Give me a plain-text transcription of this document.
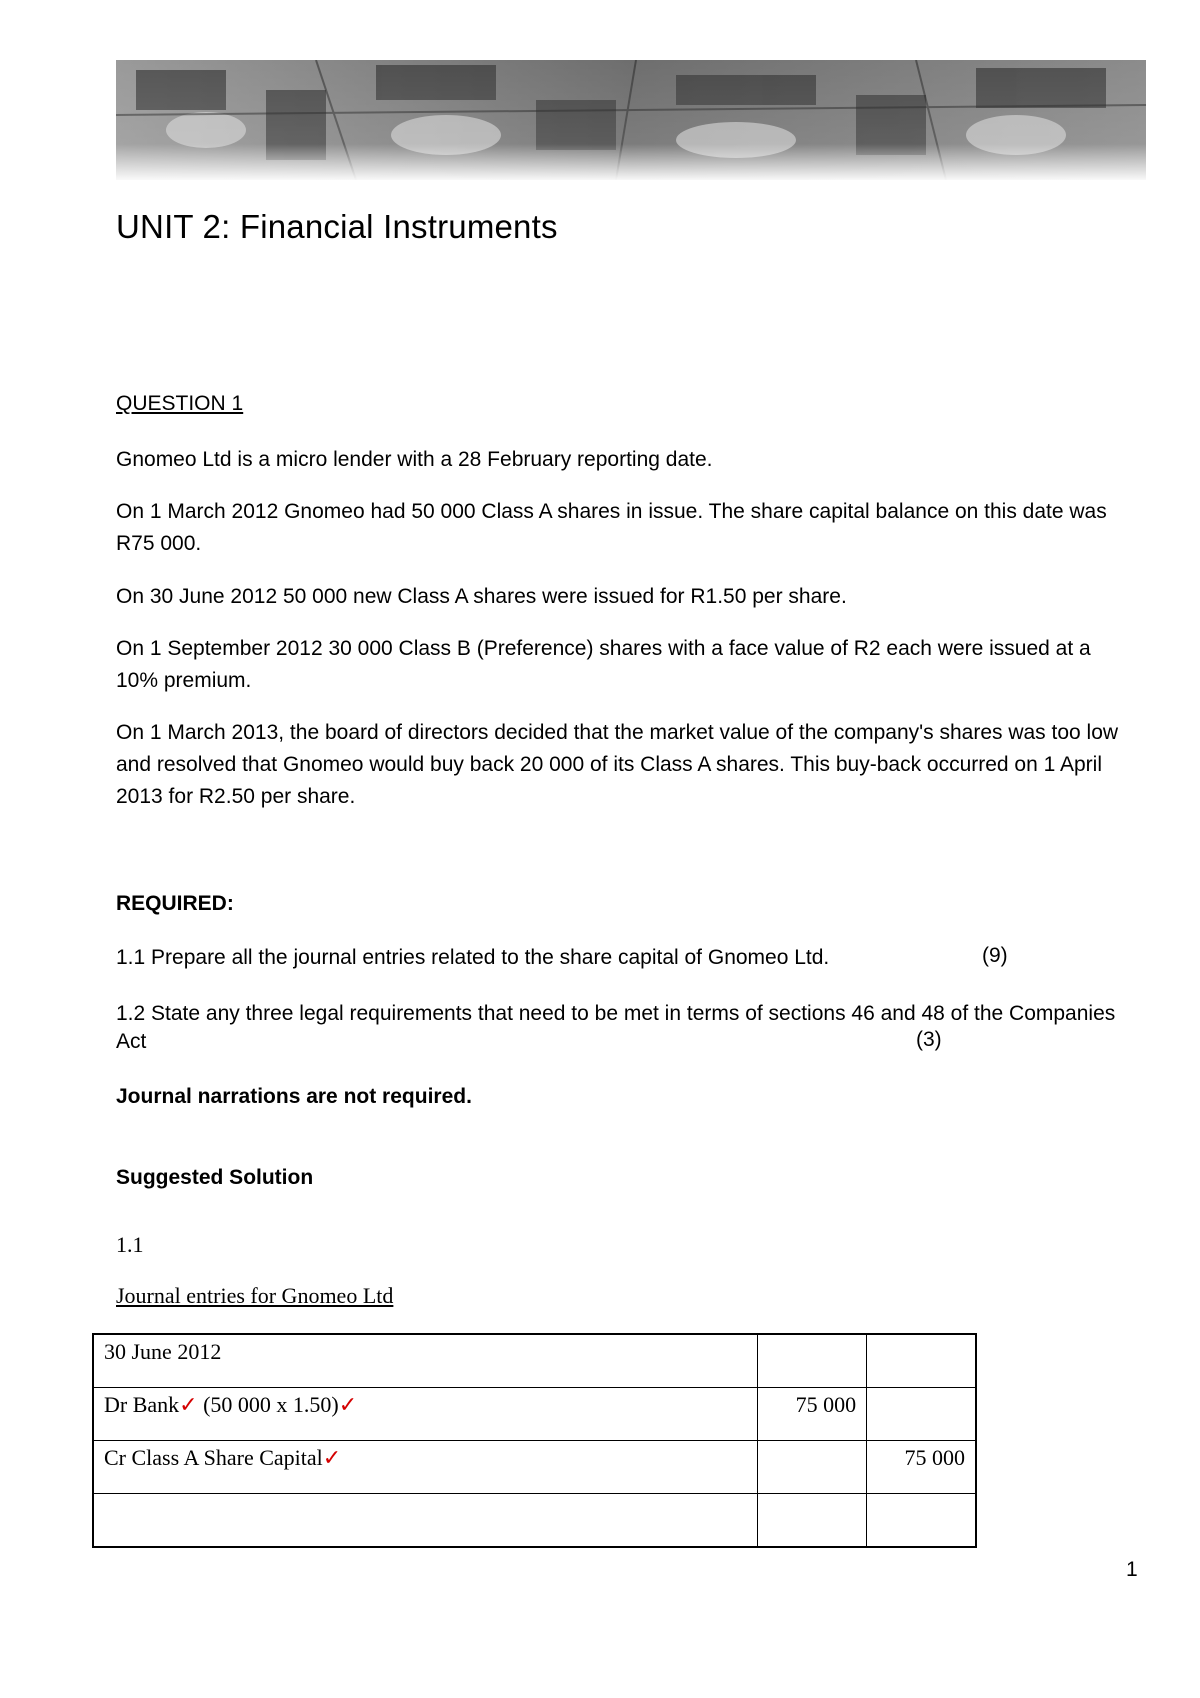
UNIT 2: Financial Instruments

QUESTION 1

Gnomeo Ltd is a micro lender with a 28 February reporting date.

On 1 March 2012 Gnomeo had 50 000 Class A shares in issue. The share capital balance on this date was R75 000.

On 30 June 2012 50 000 new Class A shares were issued for R1.50 per share.

On 1 September 2012 30 000 Class B (Preference) shares with a face value of R2 each were issued at a 10% premium.

On 1 March 2013, the board of directors decided that the market value of the company's shares was too low and resolved that Gnomeo would buy back 20 000 of its Class A shares. This buy-back occurred on 1 April 2013 for R2.50 per share.

REQUIRED:

1.1 Prepare all the journal entries related to the share capital of Gnomeo Ltd.	(9)

1.2 State any three legal requirements that need to be met in terms of sections 46 and 48 of the Companies Act	(3)

Journal narrations are not required.

Suggested Solution

1.1
Journal entries for Gnomeo Ltd
30 June 2012		
Dr Bank✓ (50 000 x 1.50)✓	75 000	
Cr Class A Share Capital✓		75 000

1
